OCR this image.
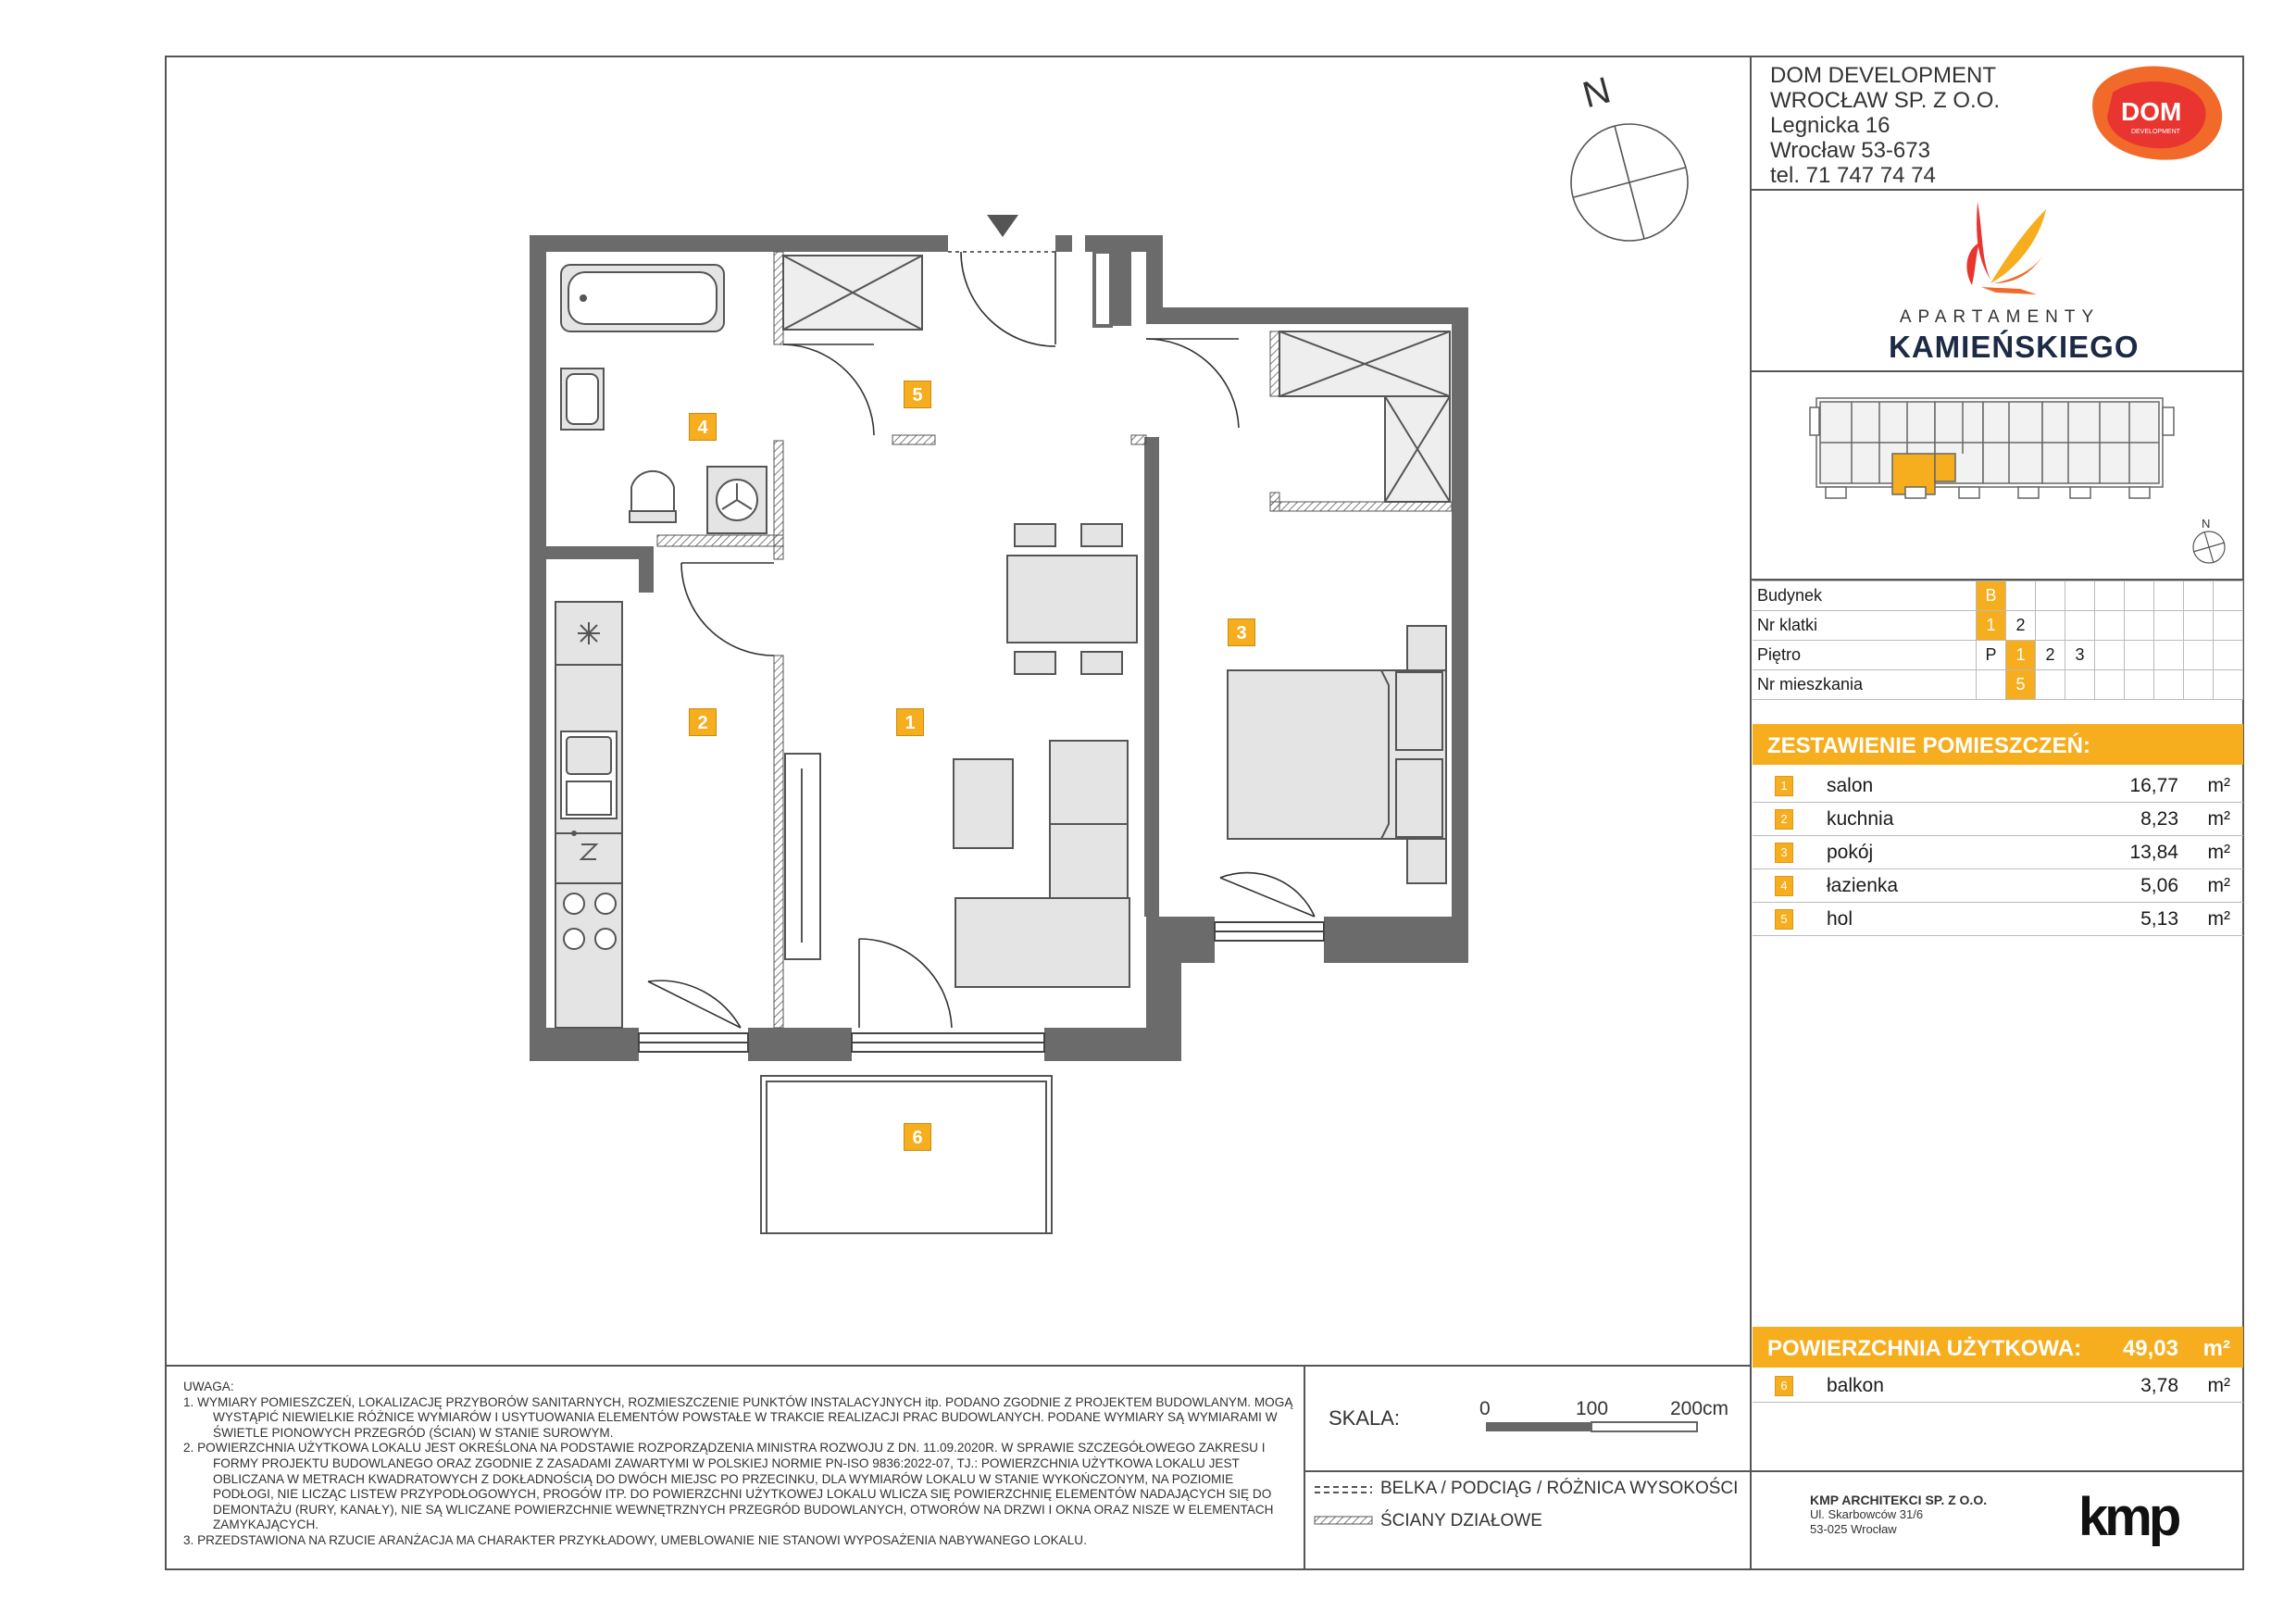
N
N
DOM
DEVELOPMENT
1
2
3
4
5
6
DOM DEVELOPMENT
WROCŁAW SP. Z O.O.
Legnicka 16
Wrocław 53-673
tel. 71 747 74 74
APARTAMENTY
KAMIEŃSKIEGO
Budynek	B								
Nr klatki	1	2							
Piętro	P	1	2	3					
Nr mieszkania		5							
ZESTAWIENIE POMIESZCZEŃ:
1	salon	16,77 m²
2	kuchnia	8,23 m²
3	pokój	13,84 m²
4	łazienka	5,06 m²
5	hol	5,13 m²
POWIERZCHNIA UŻYTKOWA: 49,03 m²
6	balkon	3,78 m²
UWAGA:
1. WYMIARY POMIESZCZEŃ, LOKALIZACJĘ PRZYBORÓW SANITARNYCH, ROZMIESZCZENIE PUNKTÓW INSTALACYJNYCH itp. PODANO ZGODNIE Z PROJEKTEM BUDOWLANYM. MOGĄ WYSTĄPIĆ NIEWIELKIE RÓŻNICE WYMIARÓW I USYTUOWANIA ELEMENTÓW POWSTAŁE W TRAKCIE REALIZACJI PRAC BUDOWLANYCH. PODANE WYMIARY SĄ WYMIARAMI W ŚWIETLE PIONOWYCH PRZEGRÓD (ŚCIAN) W STANIE SUROWYM.
2. POWIERZCHNIA UŻYTKOWA LOKALU JEST OKREŚLONA NA PODSTAWIE ROZPORZĄDZENIA MINISTRA ROZWOJU Z DN. 11.09.2020R. W SPRAWIE SZCZEGÓŁOWEGO ZAKRESU I FORMY PROJEKTU BUDOWLANEGO ORAZ ZGODNIE Z ZASADAMI ZAWARTYMI W POLSKIEJ NORMIE PN-ISO 9836:2022-07, TJ.: POWIERZCHNIA UŻYTKOWA LOKALU JEST OBLICZANA W METRACH KWADRATOWYCH Z DOKŁADNOŚCIĄ DO DWÓCH MIEJSC PO PRZECINKU, DLA WYMIARÓW LOKALU W STANIE WYKOŃCZONYM, NA POZIOMIE PODŁOGI, NIE LICZĄC LISTEW PRZYPODŁOGOWYCH, PROGÓW ITP. DO POWIERZCHNI UŻYTKOWEJ LOKALU WLICZA SIĘ POWIERZCHNIĘ ELEMENTÓW NADAJĄCYCH SIĘ DO DEMONTAŻU (RURY, KANAŁY), NIE SĄ WLICZANE POWIERZCHNIE WEWNĘTRZNYCH PRZEGRÓD BUDOWLANYCH, OTWORÓW NA DRZWI I OKNA ORAZ NISZE W ELEMENTACH ZAMYKAJĄCYCH.
3. PRZEDSTAWIONA NA RZUCIE ARANŻACJA MA CHARAKTER PRZYKŁADOWY, UMEBLOWANIE NIE STANOWI WYPOSAŻENIA NABYWANEGO LOKALU.
SKALA:	0	100	200cm
BELKA / PODCIĄG / RÓŻNICA WYSOKOŚCI
ŚCIANY DZIAŁOWE
KMP ARCHITEKCI SP. Z O.O.
Ul. Skarbowców 31/6
53-025 Wrocław	kmp
